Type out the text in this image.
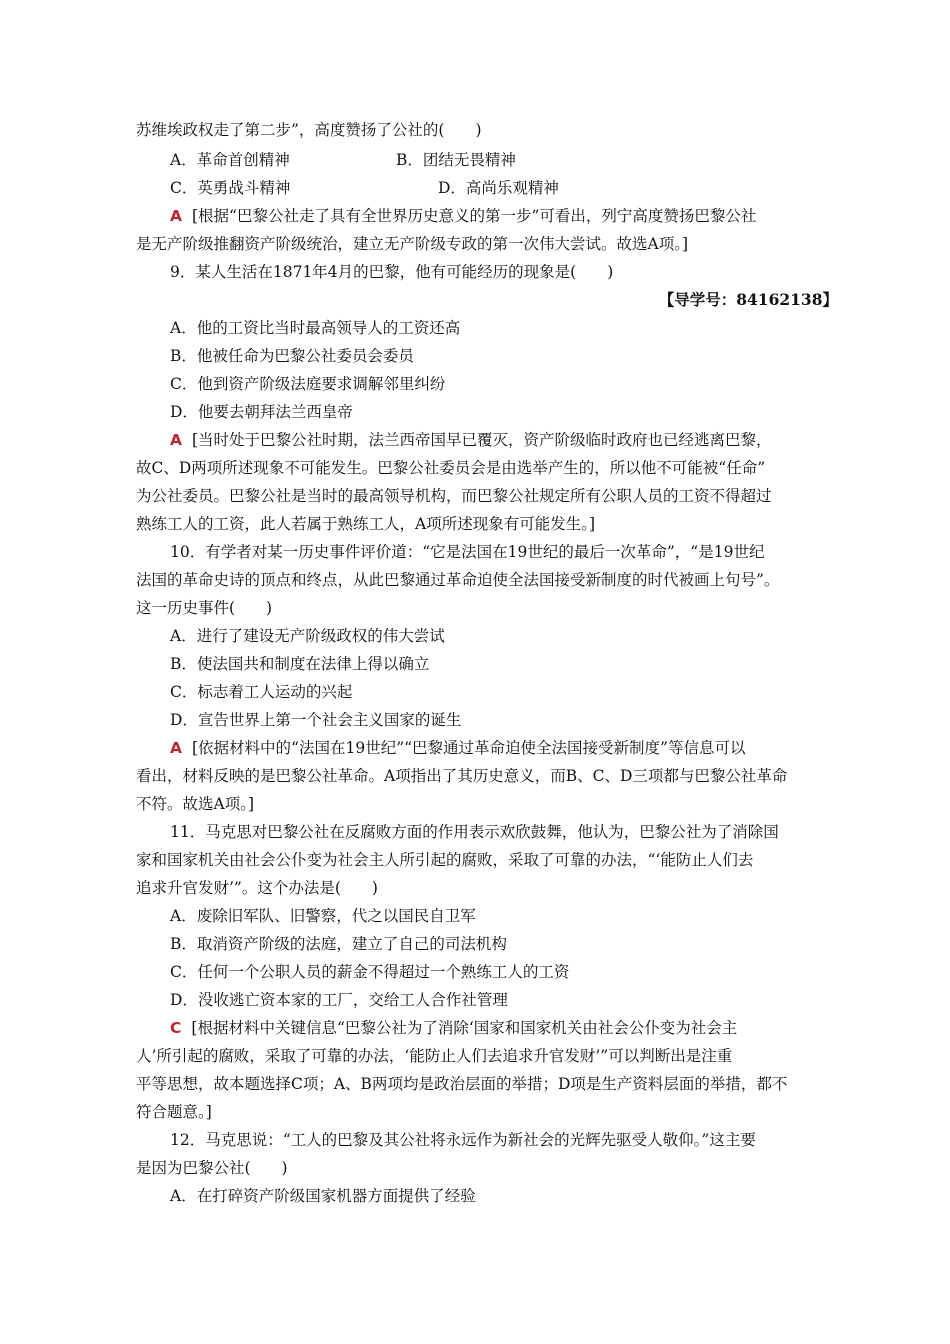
苏维埃政权走了第二步”，高度赞扬了公社的(　　)
A．革命首创精神	B．团结无畏精神
C．英勇战斗精神	D．高尚乐观精神
A [根据“巴黎公社走了具有全世界历史意义的第一步”可看出，列宁高度赞扬巴黎公社
是无产阶级推翻资产阶级统治，建立无产阶级专政的第一次伟大尝试。故选A项。]
9．某人生活在1871年4月的巴黎，他有可能经历的现象是(　　)
【导学号：84162138】
A．他的工资比当时最高领导人的工资还高
B．他被任命为巴黎公社委员会委员
C．他到资产阶级法庭要求调解邻里纠纷
D．他要去朝拜法兰西皇帝
A [当时处于巴黎公社时期，法兰西帝国早已覆灭，资产阶级临时政府也已经逃离巴黎，
故C、D两项所述现象不可能发生。巴黎公社委员会是由选举产生的，所以他不可能被“任命”
为公社委员。巴黎公社是当时的最高领导机构，而巴黎公社规定所有公职人员的工资不得超过
熟练工人的工资，此人若属于熟练工人，A项所述现象有可能发生。]
10．有学者对某一历史事件评价道：“它是法国在19世纪的最后一次革命”，“是19世纪
法国的革命史诗的顶点和终点，从此巴黎通过革命迫使全法国接受新制度的时代被画上句号”。
这一历史事件(　　)
A．进行了建设无产阶级政权的伟大尝试
B．使法国共和制度在法律上得以确立
C．标志着工人运动的兴起
D．宣告世界上第一个社会主义国家的诞生
A [依据材料中的“法国在19世纪”“巴黎通过革命迫使全法国接受新制度”等信息可以
看出，材料反映的是巴黎公社革命。A项指出了其历史意义，而B、C、D三项都与巴黎公社革命
不符。故选A项。]
11．马克思对巴黎公社在反腐败方面的作用表示欢欣鼓舞，他认为，巴黎公社为了消除国
家和国家机关由社会公仆变为社会主人所引起的腐败，采取了可靠的办法，“‘能防止人们去
追求升官发财’”。这个办法是(　　)
A．废除旧军队、旧警察，代之以国民自卫军
B．取消资产阶级的法庭，建立了自己的司法机构
C．任何一个公职人员的薪金不得超过一个熟练工人的工资
D．没收逃亡资本家的工厂，交给工人合作社管理
C [根据材料中关键信息“巴黎公社为了消除‘国家和国家机关由社会公仆变为社会主
人’所引起的腐败，采取了可靠的办法，‘能防止人们去追求升官发财’”可以判断出是注重
平等思想，故本题选择C项；A、B两项均是政治层面的举措；D项是生产资料层面的举措，都不
符合题意。]
12．马克思说：“工人的巴黎及其公社将永远作为新社会的光辉先驱受人敬仰。”这主要
是因为巴黎公社(　　)
A．在打碎资产阶级国家机器方面提供了经验
